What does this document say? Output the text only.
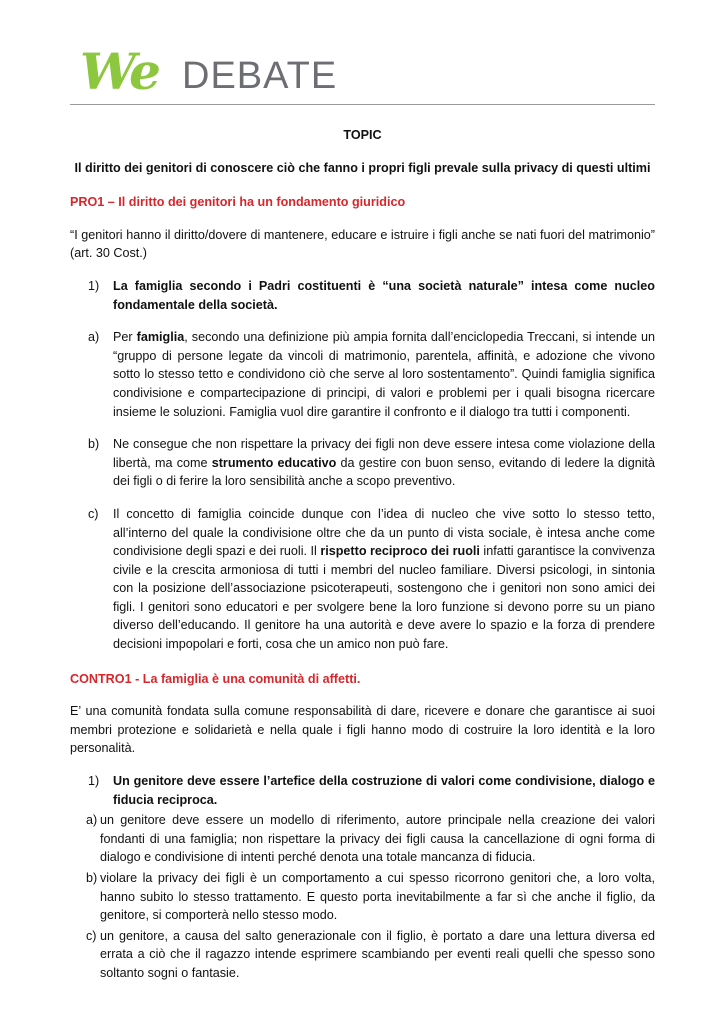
We DEBATE

TOPIC

Il diritto dei genitori di conoscere ciò che fanno i propri figli prevale sulla privacy di questi ultimi

PRO1 – Il diritto dei genitori ha un fondamento giuridico

“I genitori hanno il diritto/dovere di mantenere, educare e istruire i figli anche se nati fuori del matrimonio” (art. 30 Cost.)

1) La famiglia secondo i Padri costituenti è “una società naturale” intesa come nucleo fondamentale della società.
a) Per famiglia, secondo una definizione più ampia fornita dall’enciclopedia Treccani, si intende un “gruppo di persone legate da vincoli di matrimonio, parentela, affinità, e adozione che vivono sotto lo stesso tetto e condividono ciò che serve al loro sostentamento”. Quindi famiglia significa condivisione e compartecipazione di principi, di valori e problemi per i quali bisogna ricercare insieme le soluzioni. Famiglia vuol dire garantire il confronto e il dialogo tra tutti i componenti.
b) Ne consegue che non rispettare la privacy dei figli non deve essere intesa come violazione della libertà, ma come strumento educativo da gestire con buon senso, evitando di ledere la dignità dei figli o di ferire la loro sensibilità anche a scopo preventivo.
c) Il concetto di famiglia coincide dunque con l’idea di nucleo che vive sotto lo stesso tetto, all’interno del quale la condivisione oltre che da un punto di vista sociale, è intesa anche come condivisione degli spazi e dei ruoli. Il rispetto reciproco dei ruoli infatti garantisce la convivenza civile e la crescita armoniosa di tutti i membri del nucleo familiare. Diversi psicologi, in sintonia con la posizione dell’associazione psicoterapeuti, sostengono che i genitori non sono amici dei figli. I genitori sono educatori e per svolgere bene la loro funzione si devono porre su un piano diverso dell’educando. Il genitore ha una autorità e deve avere lo spazio e la forza di prendere decisioni impopolari e forti, cosa che un amico non può fare.

CONTRO1 - La famiglia è una comunità di affetti.

E’ una comunità fondata sulla comune responsabilità di dare, ricevere e donare che garantisce ai suoi membri protezione e solidarietà e nella quale i figli hanno modo di costruire la loro identità e la loro personalità.

1) Un genitore deve essere l’artefice della costruzione di valori come condivisione, dialogo e fiducia reciproca.
a) un genitore deve essere un modello di riferimento, autore principale nella creazione dei valori fondanti di una famiglia; non rispettare la privacy dei figli causa la cancellazione di ogni forma di dialogo e condivisione di intenti perché denota una totale mancanza di fiducia.
b) violare la privacy dei figli è un comportamento a cui spesso ricorrono genitori che, a loro volta, hanno subito lo stesso trattamento. E questo porta inevitabilmente a far sì che anche il figlio, da genitore, si comporterà nello stesso modo.
c) un genitore, a causa del salto generazionale con il figlio, è portato a dare una lettura diversa ed errata a ciò che il ragazzo intende esprimere scambiando per eventi reali quelli che spesso sono soltanto sogni o fantasie.
